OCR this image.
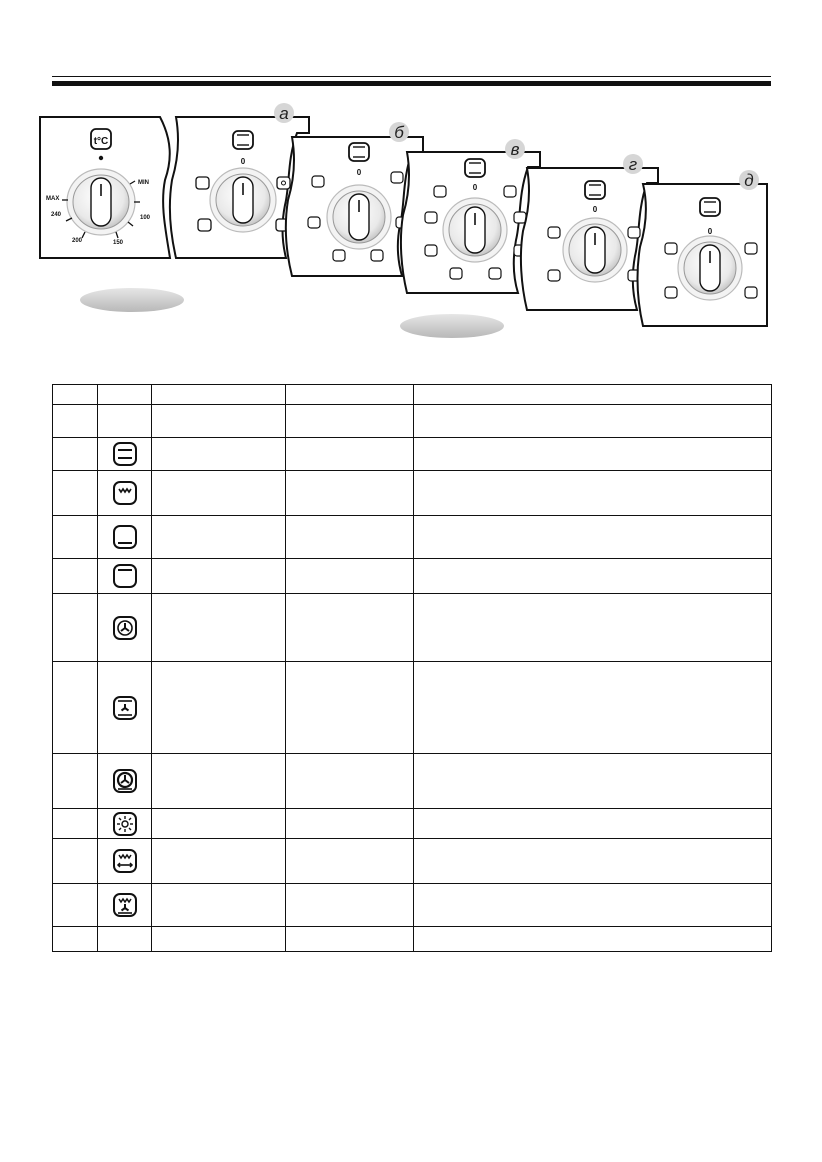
t°C
MIN
100
150
200
240
MAX
а
0
б
0
в
0
г
0
д
0
